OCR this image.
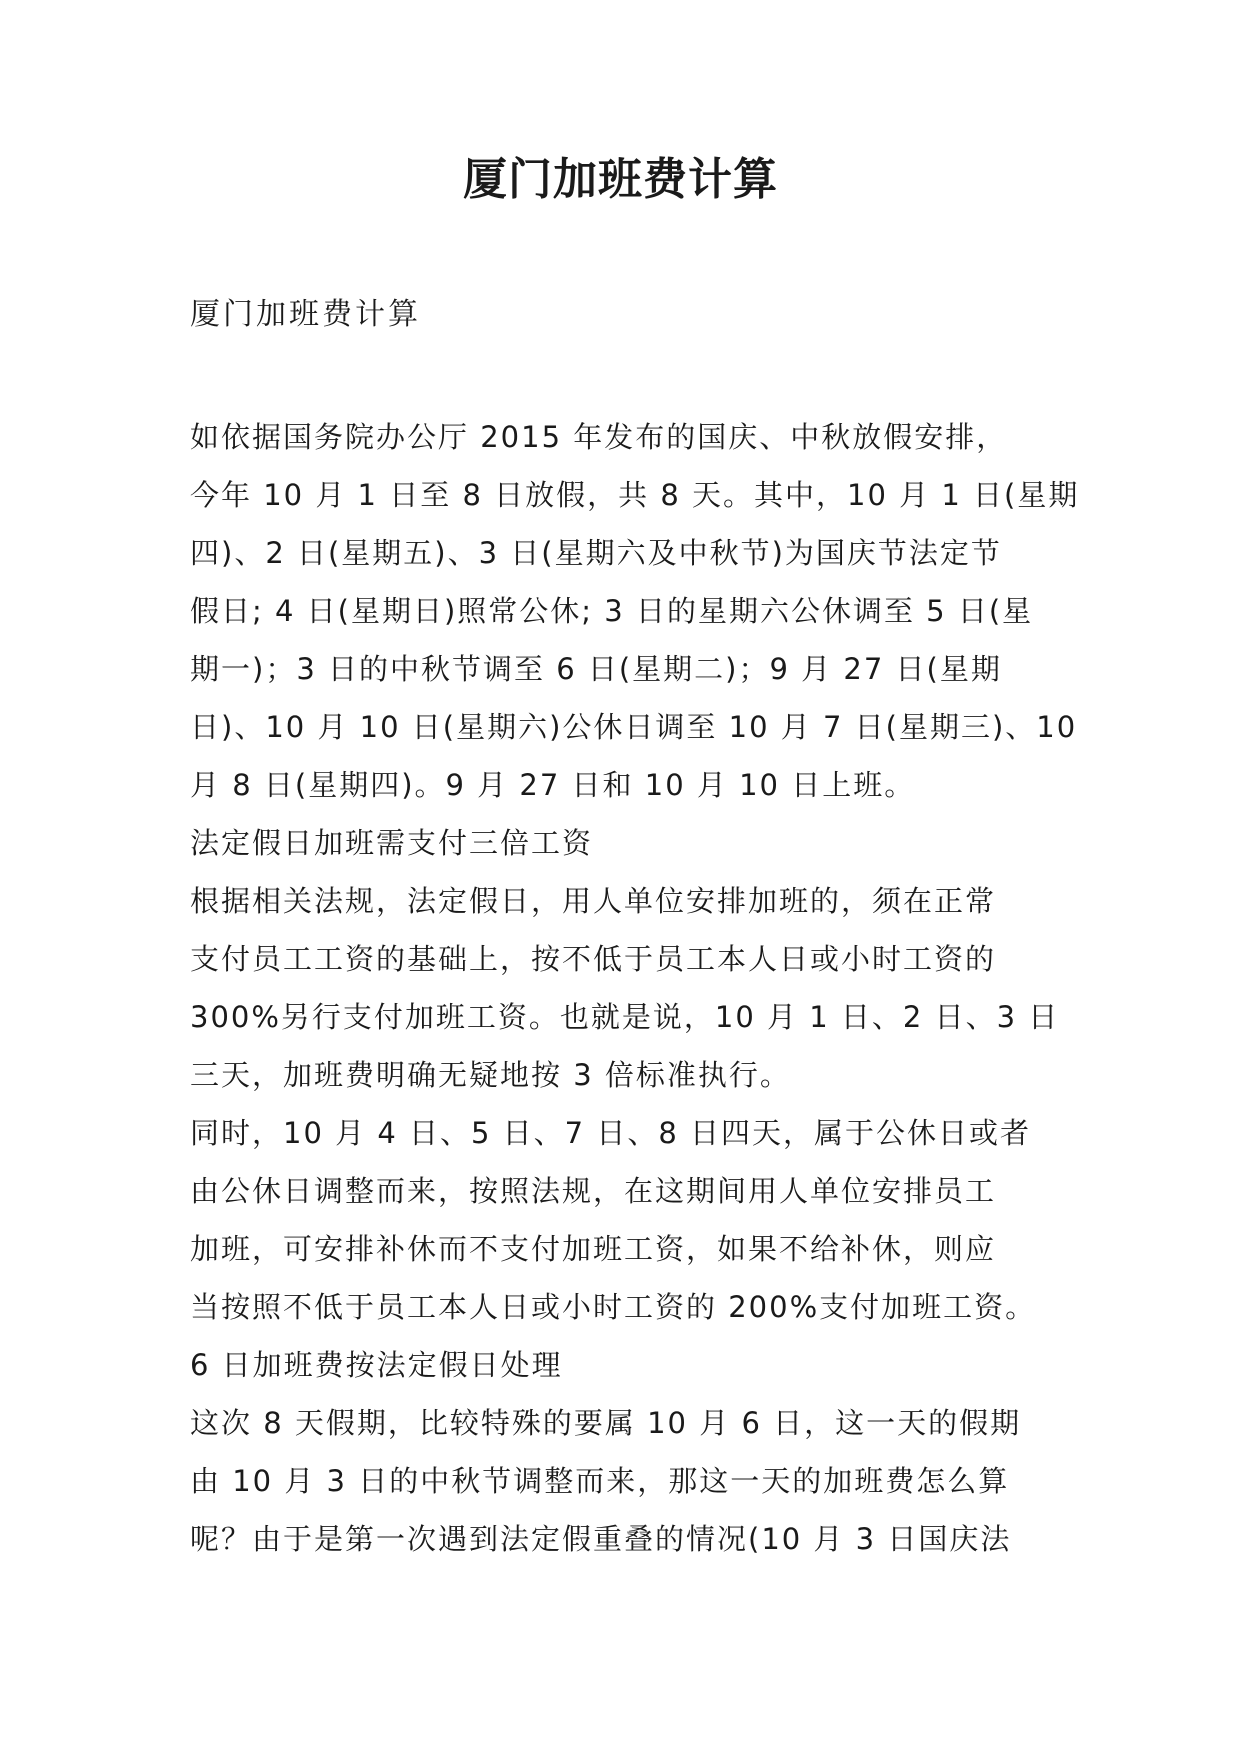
厦门加班费计算

厦门加班费计算

如依据国务院办公厅 2015 年发布的国庆、中秋放假安排，
今年 10 月 1 日至 8 日放假，共 8 天。其中，10 月 1 日(星期
四)、2 日(星期五)、3 日(星期六及中秋节)为国庆节法定节
假日; 4 日(星期日)照常公休; 3 日的星期六公休调至 5 日(星
期一)；3 日的中秋节调至 6 日(星期二)；9 月 27 日(星期
日)、10 月 10 日(星期六)公休日调至 10 月 7 日(星期三)、10
月 8 日(星期四)。9 月 27 日和 10 月 10 日上班。
法定假日加班需支付三倍工资
根据相关法规，法定假日，用人单位安排加班的，须在正常
支付员工工资的基础上，按不低于员工本人日或小时工资的
300%另行支付加班工资。也就是说，10 月 1 日、2 日、3 日
三天，加班费明确无疑地按 3 倍标准执行。
同时，10 月 4 日、5 日、7 日、8 日四天，属于公休日或者
由公休日调整而来，按照法规，在这期间用人单位安排员工
加班，可安排补休而不支付加班工资，如果不给补休，则应
当按照不低于员工本人日或小时工资的 200%支付加班工资。
6 日加班费按法定假日处理
这次 8 天假期，比较特殊的要属 10 月 6 日，这一天的假期
由 10 月 3 日的中秋节调整而来，那这一天的加班费怎么算
呢？由于是第一次遇到法定假重叠的情况(10 月 3 日国庆法
